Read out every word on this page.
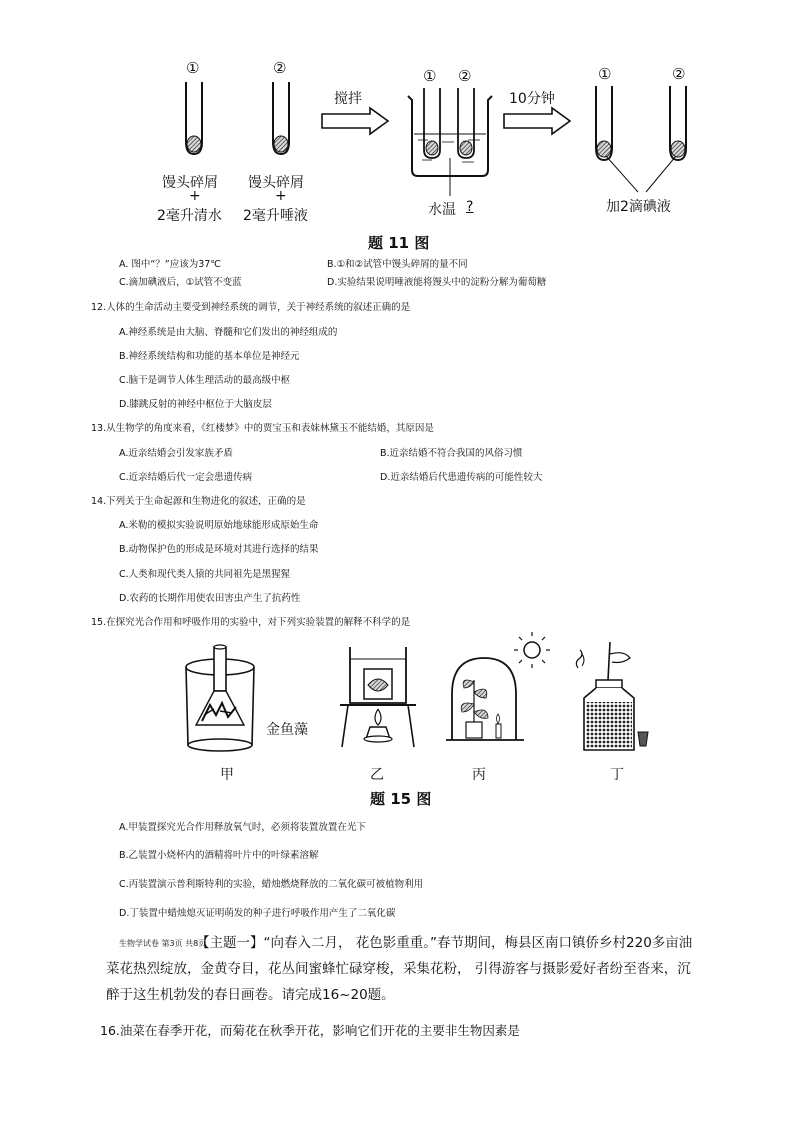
①
馒头碎屑
+
2毫升清水
②
馒头碎屑
+
2毫升唾液
搅拌
① ②
水温 ?
10分钟
①	②
加2滴碘液
题 11 图
A. 图中“？”应该为37℃	B.①和②试管中馒头碎屑的量不同
C.滴加碘液后，①试管不变蓝	D.实验结果说明唾液能将馒头中的淀粉分解为葡萄糖
12.人体的生命活动主要受到神经系统的调节，关于神经系统的叙述正确的是
A.神经系统是由大脑、脊髓和它们发出的神经组成的
B.神经系统结构和功能的基本单位是神经元
C.脑干是调节人体生理活动的最高级中枢
D.膝跳反射的神经中枢位于大脑皮层
13.从生物学的角度来看，《红楼梦》中的贾宝玉和表妹林黛玉不能结婚，其原因是
A.近亲结婚会引发家族矛盾	B.近亲结婚不符合我国的风俗习惯
C.近亲结婚后代一定会患遗传病	D.近亲结婚后代患遗传病的可能性较大
14.下列关于生命起源和生物进化的叙述，正确的是
A.米勒的模拟实验说明原始地球能形成原始生命
B.动物保护色的形成是环境对其进行选择的结果
C.人类和现代类人猿的共同祖先是黑猩猩
D.农药的长期作用使农田害虫产生了抗药性
15.在探究光合作用和呼吸作用的实验中，对下列实验装置的解释不科学的是
金鱼藻
甲	乙	丙	丁
题 15 图
A.甲装置探究光合作用释放氧气时，必须将装置放置在光下
B.乙装置小烧杯内的酒精将叶片中的叶绿素溶解
C.丙装置演示普利斯特利的实验，蜡烛燃烧释放的二氧化碳可被植物利用
D.丁装置中蜡烛熄灭证明萌发的种子进行呼吸作用产生了二氧化碳
生物学试卷 第3页 共8页
【主题一】“向春入二月， 花色影重重。”春节期间，梅县区南口镇侨乡村220多亩油菜花热烈绽放，金黄夺目，花丛间蜜蜂忙碌穿梭，采集花粉， 引得游客与摄影爱好者纷至沓来，沉醉于这生机勃发的春日画卷。请完成16~20题。
16.油菜在春季开花，而菊花在秋季开花，影响它们开花的主要非生物因素是
